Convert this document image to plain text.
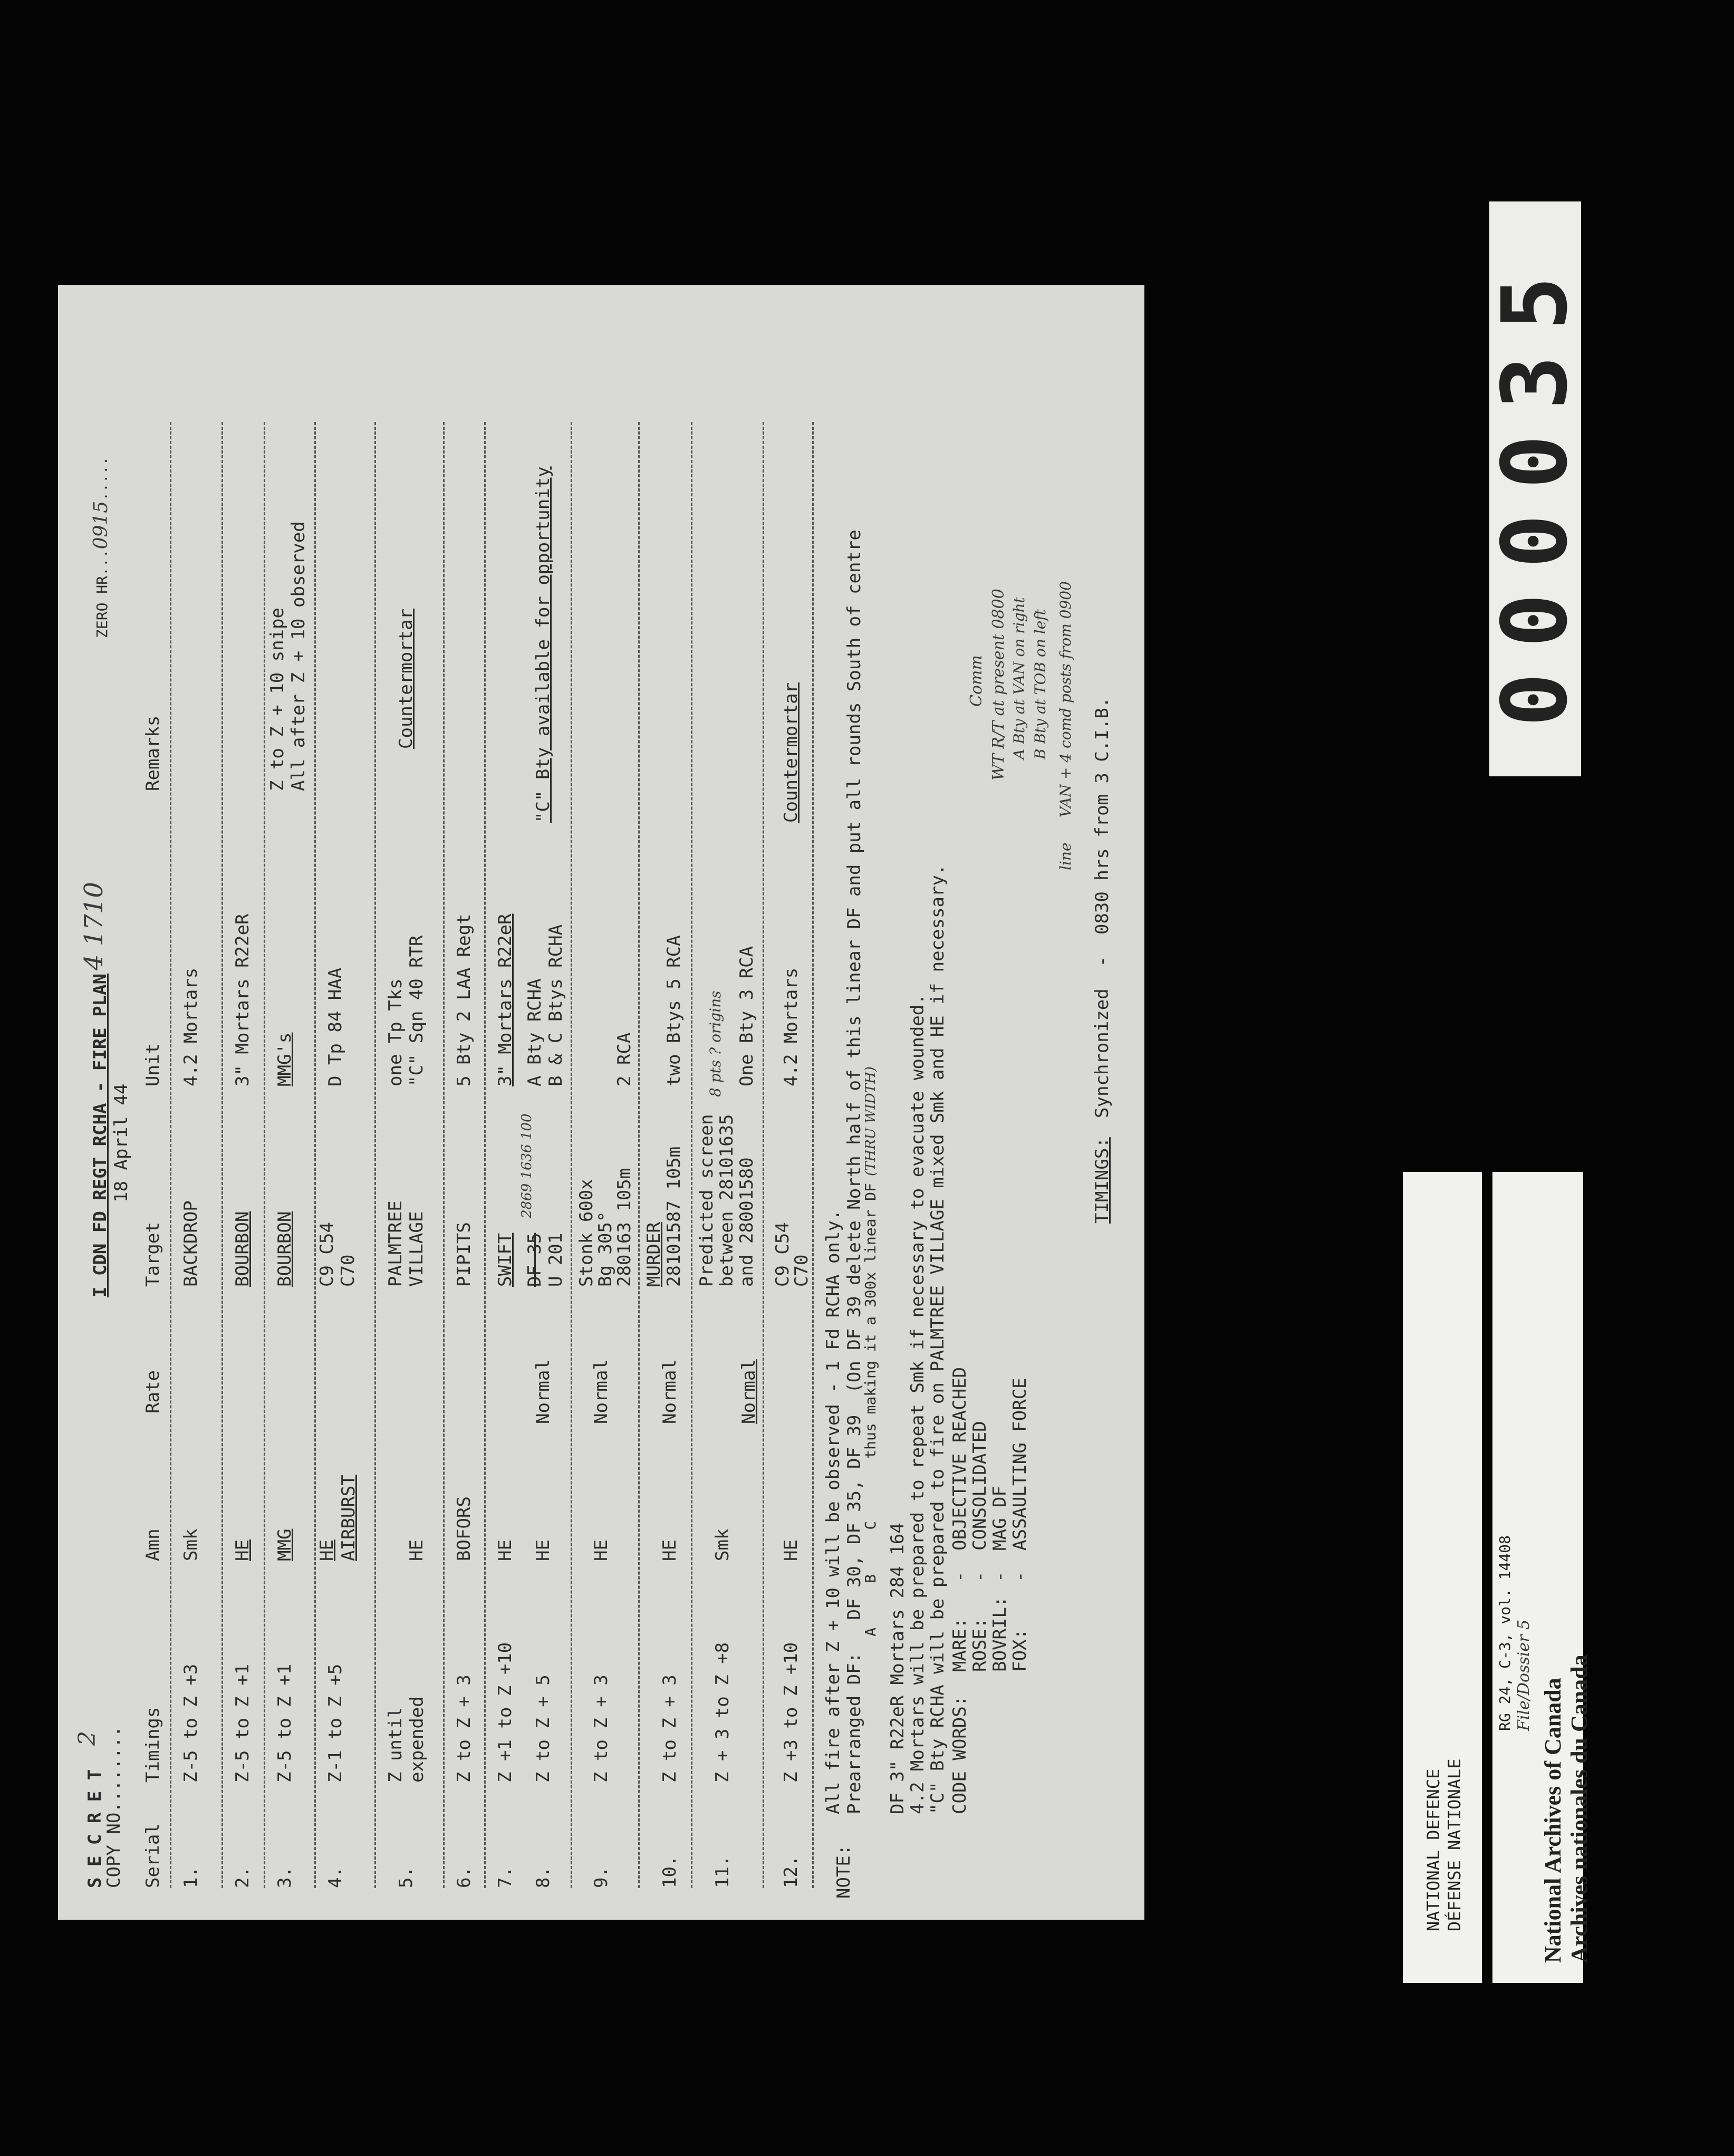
S E C R E T
2 COPY NO........
I CDN FD REGT RCHA - FIRE PLAN 18 April 44
4 1710
ZERO HR...0915.....
Serial
Timings
Amn
Rate
Target
Unit
Remarks
1.
Z-5 to Z +3
Smk
BACKDROP
4.2 Mortars
2.
Z-5 to Z +1
HE
BOURBON
3" Mortars R22eR
3.
Z-5 to Z +1
MMG
BOURBON
MMG's
Z to Z + 10 snipe All after Z + 10 observed
4.
Z-1 to Z +5
HE
AIRBURST
C9 C54 C70
D Tp 84 HAA
5.
Z until
expended
HE
PALMTREE VILLAGE
one Tp Tks "C" Sqn 40 RTR
Countermortar
6.
Z to Z + 3
BOFORS
PIPITS
5 Bty 2 LAA Regt
7.
Z +1 to Z +10
HE
SWIFT
3" Mortars R22eR
8.
Z to Z + 5
HE
Normal
DF 35
2869 1636 100
U 201
A Bty RCHA B & C Btys RCHA
"C" Bty available for opportunity
9.
Z to Z + 3
HE
Normal
Stonk 600x
Bg 305°
280163 105m
2 RCA
10.
Z to Z + 3
HE
Normal
MURDER
28101587 105m
two Btys 5 RCA
11.
Z + 3 to Z +8
Smk
Normal
Predicted screen
between 28101635
and 28001580
8 pts ? origins One Bty 3 RCA
12.
Z +3 to Z +10
HE
C9 C54
C70
4.2 Mortars
Countermortar
NOTE:
All fire after Z + 10 will be observed - 1 Fd RCHA only. Prearranged DF:   DF 30, DF 35, DF 39  (On DF 39 delete North half of this linear DF and put all rounds South of centre
A     B     C       thus making it a 300x linear DF
(THRU WIDTH)
DF 3" R22eR Mortars 284 164
4.2 Mortars will be prepared to repeat Smk if necessary to evacuate wounded.
"C" Bty RCHA will be prepared to fire on PALMTREE VILLAGE mixed Smk and HE if necessary. CODE WORDS:
MARE:
-
OBJECTIVE REACHED
ROSE:
-
CONSOLIDATED
BOVRIL:
-
MAG DF
FOX:
-
ASSAULTING FORCE
Comm WT R/T at present 0800 A Bty at VAN on right B Bty at TOB on left
line
VAN + 4 comd posts from 0900
TIMINGS:
Synchronized  -  0830 hrs from 3 C.I.B.
NATIONAL DEFENCE DÉFENSE NATIONALE
RG 24, C-3, vol. 14408 File/Dossier 5
National Archives of Canada Archives nationales du Canada
000035
